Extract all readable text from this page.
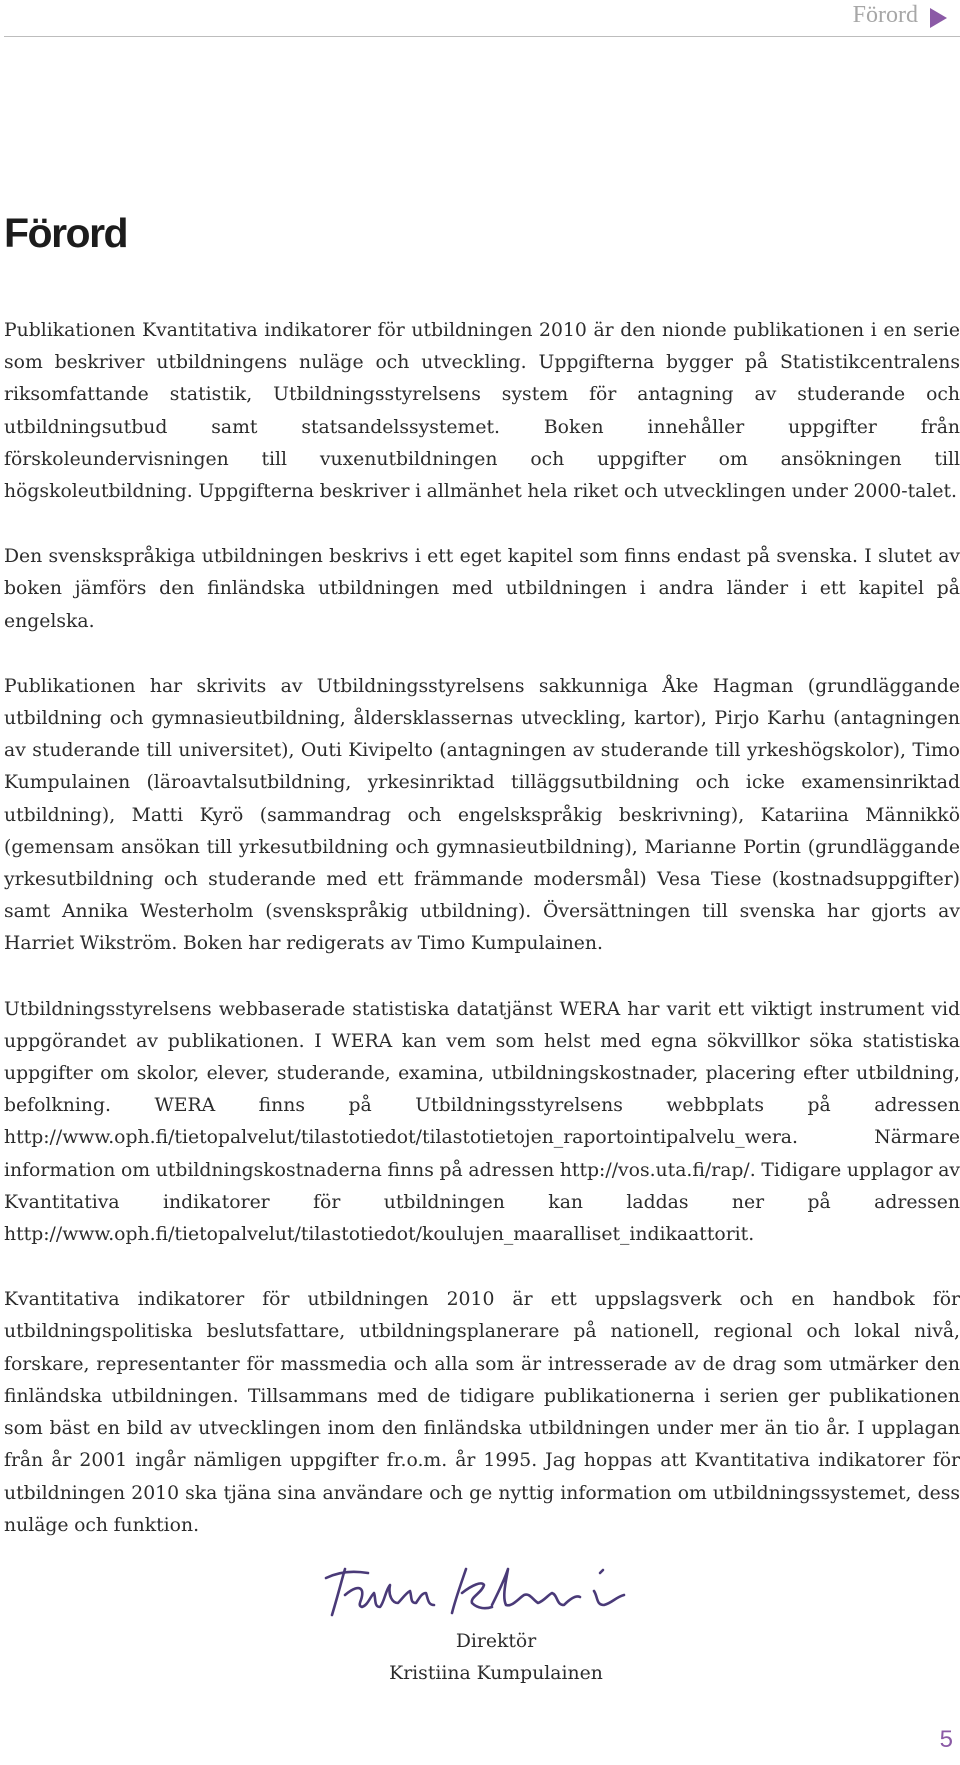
Förord
Förord

Publikationen Kvantitativa indikatorer för utbildningen 2010 är den nionde publikationen i en serie som beskriver utbildningens nuläge och utveckling. Uppgifterna bygger på Statistikcentralens riksomfattande statistik, Utbildningsstyrelsens system för antagning av studerande och utbildningsutbud samt statsandelssystemet. Boken innehåller uppgifter från förskoleundervisningen till vuxenutbildningen och uppgifter om ansökningen till högskoleutbildning. Uppgifterna beskriver i allmänhet hela riket och utvecklingen under 2000-talet.

Den svenskspråkiga utbildningen beskrivs i ett eget kapitel som finns endast på svenska. I slutet av boken jämförs den finländska utbildningen med utbildningen i andra länder i ett kapitel på engelska.

Publikationen har skrivits av Utbildningsstyrelsens sakkunniga Åke Hagman (grundläggande utbildning och gymnasieutbildning, åldersklassernas utveckling, kartor), Pirjo Karhu (antagningen av studerande till universitet), Outi Kivipelto (antagningen av studerande till yrkeshögskolor), Timo Kumpulainen (läroavtalsutbildning, yrkesinriktad tilläggsutbildning och icke examensinriktad utbildning), Matti Kyrö (sammandrag och engelskspråkig beskrivning), Katariina Männikkö (gemensam ansökan till yrkesutbildning och gymnasieutbildning), Marianne Portin (grundläggande yrkesutbildning och studerande med ett främmande modersmål) Vesa Tiese (kostnadsuppgifter) samt Annika Westerholm (svenskspråkig utbildning). Översättningen till svenska har gjorts av Harriet Wikström. Boken har redigerats av Timo Kumpulainen.

Utbildningsstyrelsens webbaserade statistiska datatjänst WERA har varit ett viktigt instrument vid uppgörandet av publikationen. I WERA kan vem som helst med egna sökvillkor söka statistiska uppgifter om skolor, elever, studerande, examina, utbildningskostnader, placering efter utbildning, befolkning. WERA finns på Utbildningsstyrelsens webbplats på adressen http://www.oph.fi/tietopalvelut/tilastotiedot/tilastotietojen_raportointipalvelu_wera. Närmare information om utbildningskostnaderna finns på adressen http://vos.uta.fi/rap/. Tidigare upplagor av Kvantitativa indikatorer för utbildningen kan laddas ner på adressen http://www.oph.fi/tietopalvelut/tilastotiedot/koulujen_maaralliset_indikaattorit.

Kvantitativa indikatorer för utbildningen 2010 är ett uppslagsverk och en handbok för utbildningspolitiska beslutsfattare, utbildningsplanerare på nationell, regional och lokal nivå, forskare, representanter för massmedia och alla som är intresserade av de drag som utmärker den finländska utbildningen. Tillsammans med de tidigare publikationerna i serien ger publikationen som bäst en bild av utvecklingen inom den finländska utbildningen under mer än tio år. I upplagan från år 2001 ingår nämligen uppgifter fr.o.m. år 1995. Jag hoppas att Kvantitativa indikatorer för utbildningen 2010 ska tjäna sina användare och ge nyttig information om utbildningssystemet, dess nuläge och funktion.

Direktör
Kristiina Kumpulainen
5
